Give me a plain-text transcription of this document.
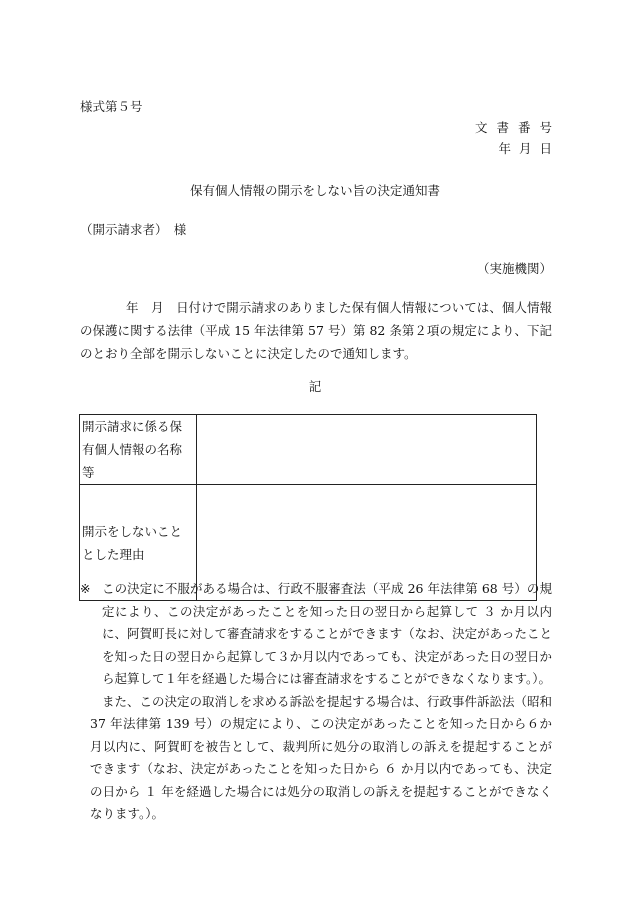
様式第５号
文書番号
年 月 日
保有個人情報の開示をしない旨の決定通知書
（開示請求者）　様
（実施機関）
年　月　日付けで開示請求のありました保有個人情報については、個人情報の保護に関する法律（平成 15 年法律第 57 号）第 82 条第２項の規定により、下記のとおり全部を開示しないことに決定したので通知します。
記
開示請求に係る保有個人情報の名称等	
開示をしないこととした理由	
※ この決定に不服がある場合は、行政不服審査法（平成 26 年法律第 68 号）の規定により、この決定があったことを知った日の翌日から起算して ３ か月以内に、阿賀町長に対して審査請求をすることができます（なお、決定があったことを知った日の翌日から起算して３か月以内であっても、決定があった日の翌日から起算して１年を経過した場合には審査請求をすることができなくなります。）。
また、この決定の取消しを求める訴訟を提起する場合は、行政事件訴訟法（昭和 37 年法律第 139 号）の規定により、この決定があったことを知った日から６か月以内に、阿賀町を被告として、裁判所に処分の取消しの訴えを提起することができます（なお、決定があったことを知った日から ６ か月以内であっても、決定の日から １ 年を経過した場合には処分の取消しの訴えを提起することができなくなります。）。
